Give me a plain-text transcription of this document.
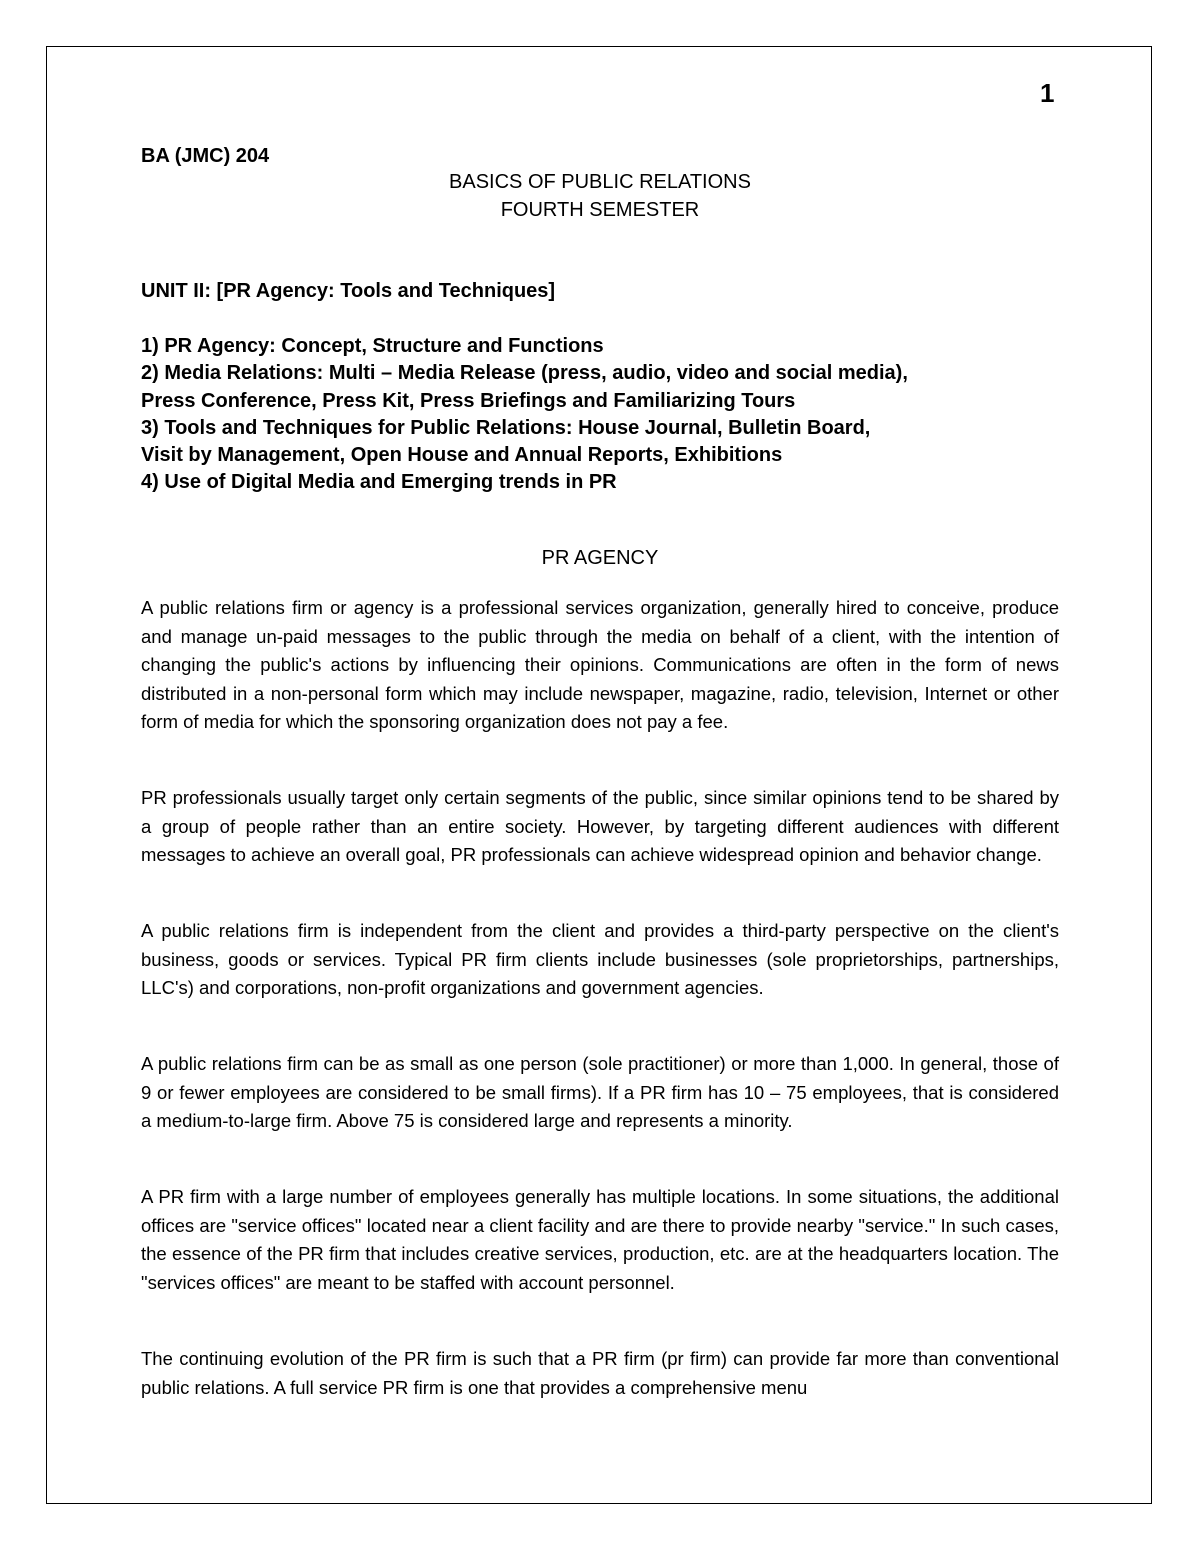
1
BA (JMC) 204
BASICS OF PUBLIC RELATIONS
FOURTH SEMESTER
UNIT II: [PR Agency: Tools and Techniques]
1) PR Agency: Concept, Structure and Functions
2) Media Relations: Multi – Media Release (press, audio, video and social media),
Press Conference, Press Kit, Press Briefings and Familiarizing Tours
3) Tools and Techniques for Public Relations: House Journal, Bulletin Board,
Visit by Management, Open House and Annual Reports, Exhibitions
4) Use of Digital Media and Emerging trends in PR
PR AGENCY

A public relations firm or agency is a professional services organization, generally hired to conceive, produce and manage un-paid messages to the public through the media on behalf of a client, with the intention of changing the public's actions by influencing their opinions. Communications are often in the form of news distributed in a non-personal form which may include newspaper, magazine, radio, television, Internet or other form of media for which the sponsoring organization does not pay a fee.

PR professionals usually target only certain segments of the public, since similar opinions tend to be shared by a group of people rather than an entire society. However, by targeting different audiences with different messages to achieve an overall goal, PR professionals can achieve widespread opinion and behavior change.

A public relations firm is independent from the client and provides a third-party perspective on the client's business, goods or services. Typical PR firm clients include businesses (sole proprietorships, partnerships, LLC's) and corporations, non-profit organizations and government agencies.

A public relations firm can be as small as one person (sole practitioner) or more than 1,000. In general, those of 9 or fewer employees are considered to be small firms). If a PR firm has 10 – 75 employees, that is considered a medium-to-large firm. Above 75 is considered large and represents a minority.

A PR firm with a large number of employees generally has multiple locations. In some situations, the additional offices are "service offices" located near a client facility and are there to provide nearby "service." In such cases, the essence of the PR firm that includes creative services, production, etc. are at the headquarters location. The "services offices" are meant to be staffed with account personnel.

The continuing evolution of the PR firm is such that a PR firm (pr firm) can provide far more than conventional public relations. A full service PR firm is one that provides a comprehensive menu
